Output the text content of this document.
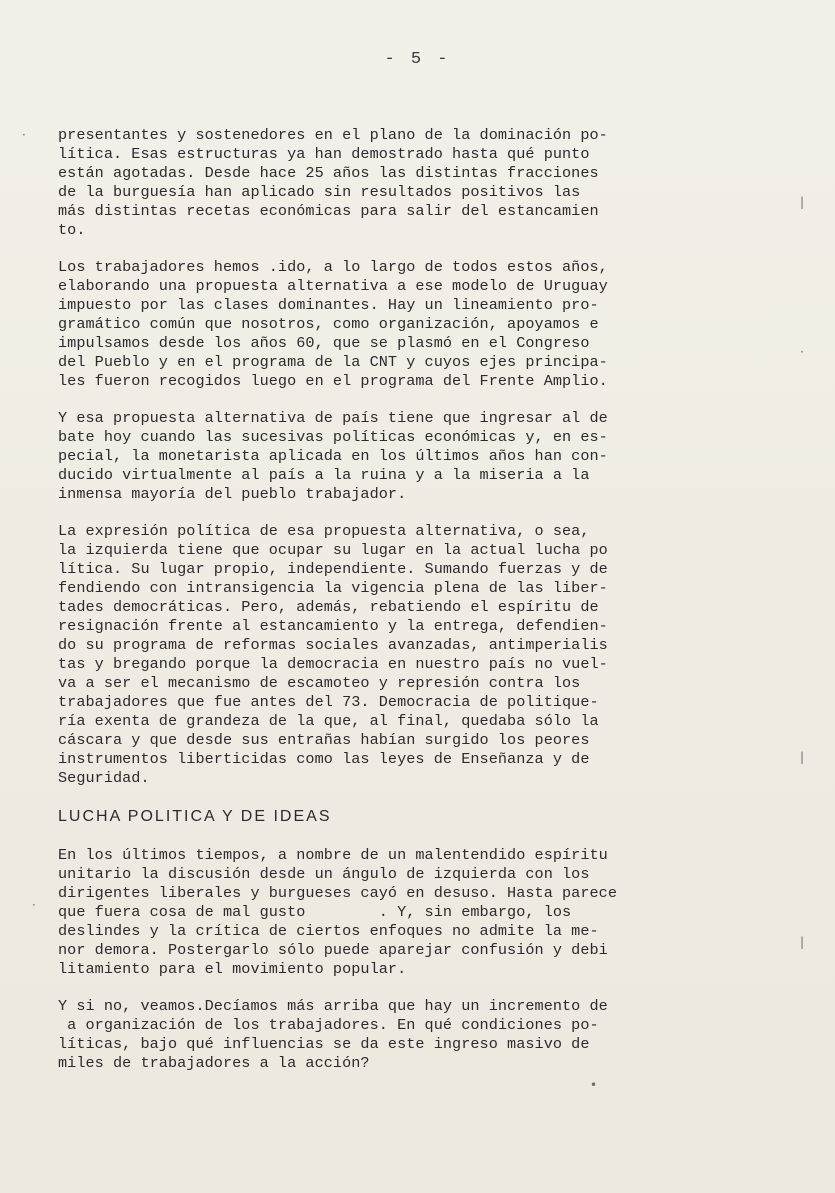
- 5 -
·
|
·
|
|
·
•
presentantes y sostenedores en el plano de la dominación po-
lítica. Esas estructuras ya han demostrado hasta qué punto
están agotadas. Desde hace 25 años las distintas fracciones
de la burguesía han aplicado sin resultados positivos las
más distintas recetas económicas para salir del estancamien
to.
Los trabajadores hemos .ido, a lo largo de todos estos años,
elaborando una propuesta alternativa a ese modelo de Uruguay
impuesto por las clases dominantes. Hay un lineamiento pro-
gramático común que nosotros, como organización, apoyamos e
impulsamos desde los años 60, que se plasmó en el Congreso
del Pueblo y en el programa de la CNT y cuyos ejes principa-
les fueron recogidos luego en el programa del Frente Amplio.
Y esa propuesta alternativa de país tiene que ingresar al de
bate hoy cuando las sucesivas políticas económicas y, en es-
pecial, la monetarista aplicada en los últimos años han con-
ducido virtualmente al país a la ruina y a la miseria a la
inmensa mayoría del pueblo trabajador.
La expresión política de esa propuesta alternativa, o sea,
la izquierda tiene que ocupar su lugar en la actual lucha po
lítica. Su lugar propio, independiente. Sumando fuerzas y de
fendiendo con intransigencia la vigencia plena de las liber-
tades democráticas. Pero, además, rebatiendo el espíritu de
resignación frente al estancamiento y la entrega, defendien-
do su programa de reformas sociales avanzadas, antimperialis
tas y bregando porque la democracia en nuestro país no vuel-
va a ser el mecanismo de escamoteo y represión contra los
trabajadores que fue antes del 73. Democracia de politique-
ría exenta de grandeza de la que, al final, quedaba sólo la
cáscara y que desde sus entrañas habían surgido los peores
instrumentos liberticidas como las leyes de Enseñanza y de
Seguridad.
LUCHA POLITICA Y DE IDEAS
En los últimos tiempos, a nombre de un malentendido espíritu
unitario la discusión desde un ángulo de izquierda con los
dirigentes liberales y burgueses cayó en desuso. Hasta parece
que fuera cosa de mal gusto        . Y, sin embargo, los
deslindes y la crítica de ciertos enfoques no admite la me-
nor demora. Postergarlo sólo puede aparejar confusión y debi
litamiento para el movimiento popular.
Y si no, veamos.Decíamos más arriba que hay un incremento de
a organización de los trabajadores. En qué condiciones po-
líticas, bajo qué influencias se da este ingreso masivo de
miles de trabajadores a la acción?
